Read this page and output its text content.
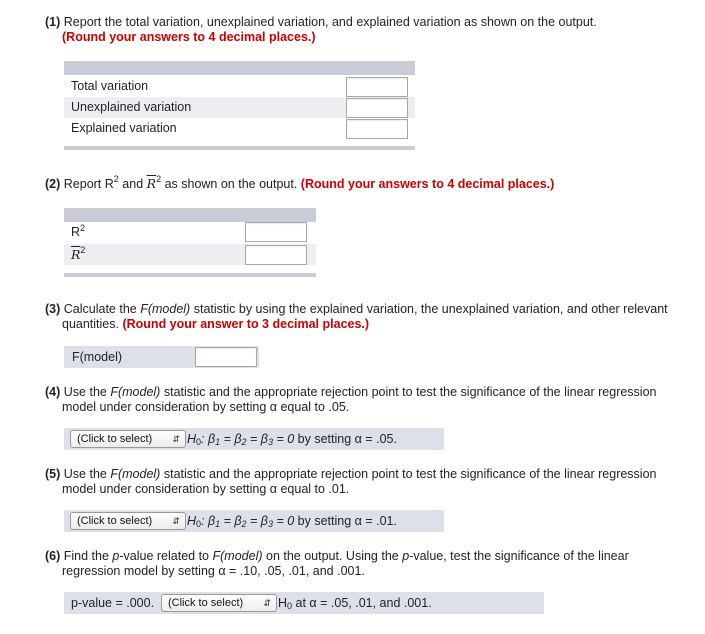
(1) Report the total variation, unexplained variation, and explained variation as shown on the output.
(Round your answers to 4 decimal places.)
Total variation
Unexplained variation
Explained variation
(2) Report $R^2$ and $\overline{R}^2$ as shown on the output. (Round your answers to 4 decimal places.)
$R^2$
$\overline{R}^2$
(3) Calculate the F(model) statistic by using the explained variation, the unexplained variation, and other relevant quantities. (Round your answer to 3 decimal places.)
F(model)
(4) Use the F(model) statistic and the appropriate rejection point to test the significance of the linear regression model under consideration by setting α equal to .05.
(Click to select) ⇵ $H_0$: $\beta_1 = \beta_2 = \beta_3 = 0$ by setting α = .05.
(5) Use the F(model) statistic and the appropriate rejection point to test the significance of the linear regression model under consideration by setting α equal to .01.
(Click to select) ⇵ $H_0$: $\beta_1 = \beta_2 = \beta_3 = 0$ by setting α = .01.
(6) Find the p-value related to F(model) on the output. Using the p-value, test the significance of the linear regression model by setting α = .10, .05, .01, and .001.
p-value = .000.	(Click to select) ⇵ $H_0$ at α = .05, .01, and .001.
